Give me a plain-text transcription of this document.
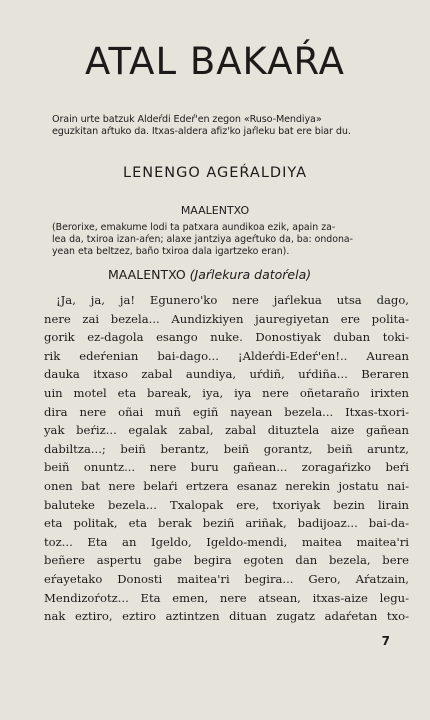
ATAL BAKAŔA
Orain urte batzuk Aldeŕdi Edeŕ'en zegon «Ruso-Mendiya»
eguzkitan aŕtuko da. Itxas-aldera afiz'ko jaŕleku bat ere biar du.
LENENGO AGEŔALDIYA
MAALENTXO
(Berorixe, emakume lodi ta patxara aundikoa ezik, apain za-
lea da, txiroa izan-aŕen; alaxe jantziya ageŕtuko da, ba: ondona-
yean eta beltzez, baño txiroa dala igartzeko eran).
MAALENTXO (Jaŕlekura datoŕela)
¡Ja, ja, ja! Egunero'ko nere jaŕlekua utsa dago,
nere zai bezela... Aundizkiyen jauregiyetan ere polita-
gorik ez-dagola esango nuke. Donostiyak duban toki-
rik edeŕenian bai-dago... ¡Aldeŕdi-Edeŕ'en!.. Aurean
dauka itxaso zabal aundiya, uŕdiñ, uŕdiña... Beraren
uin motel eta bareak, iya, iya nere oñetaraño irixten
dira nere oñai muñ egiñ nayean bezela... Itxas-txori-
yak beŕiz... egalak zabal, zabal dituztela aize gañean
dabiltza...; beiñ berantz, beiñ gorantz, beiñ aruntz,
beiñ onuntz... nere buru gañean... zoragaŕizko beŕi
onen bat nere belaŕi ertzera esanaz nerekin jostatu nai-
baluteke bezela... Txalopak ere, txoriyak bezin lirain
eta politak, eta berak beziñ ariñak, badijoaz... bai-da-
toz... Eta an Igeldo, Igeldo-mendi, maitea maitea'ri
beñere aspertu gabe begira egoten dan bezela, bere
eŕayetako Donosti maitea'ri begira... Gero, Aŕatzain,
Mendizoŕotz... Eta emen, nere atsean, itxas-aize legu-
nak eztiro, eztiro aztintzen dituan zugatz adaŕetan txo-
7
